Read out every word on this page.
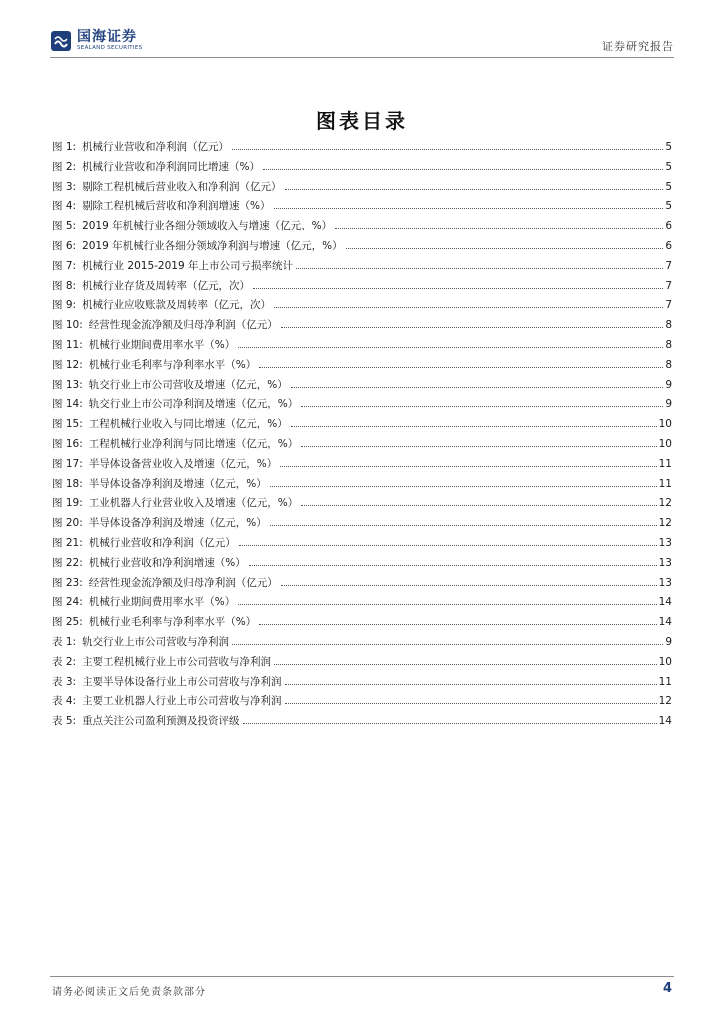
国海证券
SEALAND SECURITIES	证券研究报告
图表目录
图 1: 机械行业营收和净利润（亿元）	5
图 2: 机械行业营收和净利润同比增速（%）	5
图 3: 剔除工程机械后营业收入和净利润（亿元）	5
图 4: 剔除工程机械后营收和净利润增速（%）	5
图 5: 2019 年机械行业各细分领域收入与增速（亿元、%）	6
图 6: 2019 年机械行业各细分领域净利润与增速（亿元，%）	6
图 7: 机械行业 2015-2019 年上市公司亏损率统计	7
图 8: 机械行业存货及周转率（亿元，次）	7
图 9: 机械行业应收账款及周转率（亿元，次）	7
图 10: 经营性现金流净额及归母净利润（亿元）	8
图 11: 机械行业期间费用率水平（%）	8
图 12: 机械行业毛利率与净利率水平（%）	8
图 13: 轨交行业上市公司营收及增速（亿元，%）	9
图 14: 轨交行业上市公司净利润及增速（亿元，%）	9
图 15: 工程机械行业收入与同比增速（亿元，%）	10
图 16: 工程机械行业净利润与同比增速（亿元，%）	10
图 17: 半导体设备营业收入及增速（亿元，%）	11
图 18: 半导体设备净利润及增速（亿元，%）	11
图 19: 工业机器人行业营业收入及增速（亿元，%）	12
图 20: 半导体设备净利润及增速（亿元，%）	12
图 21: 机械行业营收和净利润（亿元）	13
图 22: 机械行业营收和净利润增速（%）	13
图 23: 经营性现金流净额及归母净利润（亿元）	13
图 24: 机械行业期间费用率水平（%）	14
图 25: 机械行业毛利率与净利率水平（%）	14
表 1: 轨交行业上市公司营收与净利润	9
表 2: 主要工程机械行业上市公司营收与净利润	10
表 3: 主要半导体设备行业上市公司营收与净利润	11
表 4: 主要工业机器人行业上市公司营收与净利润	12
表 5: 重点关注公司盈利预测及投资评级	14
请务必阅读正文后免责条款部分	4
